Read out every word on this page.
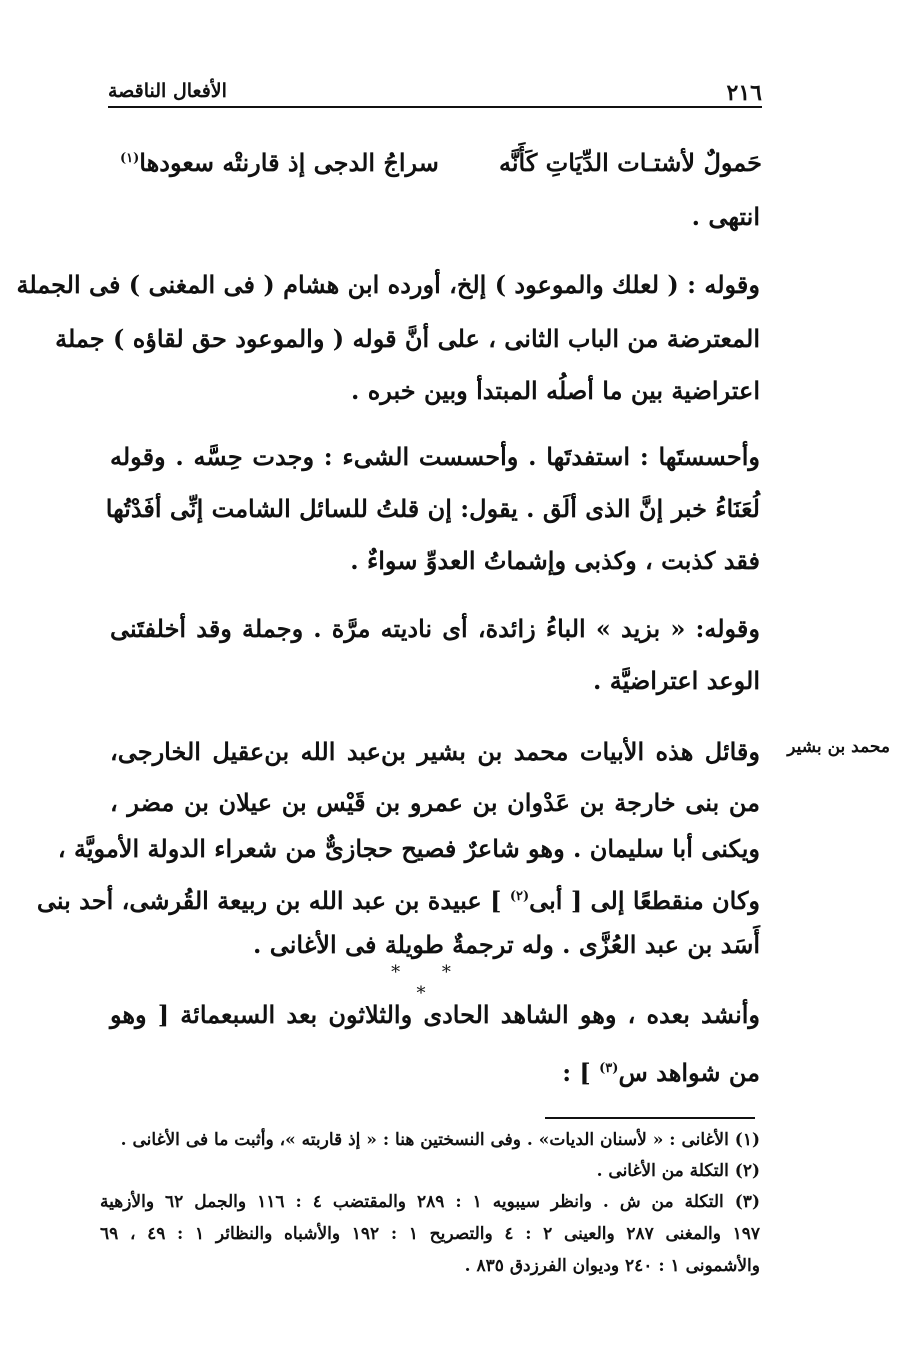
٢١٦
الأفعال الناقصة
حَمولٌ لأشتـات الدِّيَاتِ كَأَنَّه
سراجُ الدجى إذ قارنتْه سعودها$^{(١)}$
انتهى .
وقوله : ( لعلك والموعود ) إلخ، أورده ابن هشام ( فى المغنى ) فى الجملة
المعترضة من الباب الثانى ، على أنَّ قوله ( والموعود حق لقاؤه ) جملة
اعتراضية بين ما أصلُه المبتدأ وبين خبره .
وأحسستَها : استفدتَها . وأحسست الشىء : وجدت حِسَّه . وقوله
لُعَنَاءُ خبر إنَّ الذى ألَق . يقول: إن قلتُ للسائل الشامت إنِّى أفَدْتُها
فقد كذبت ، وكذبى وإشماتُ العدوِّ سواءٌ .
وقوله: « بزيد » الباءُ زائدة، أى ناديته مرَّة . وجملة وقد أخلفتَنى
الوعد اعتراضيَّة .
محمد بن بشير
وقائل هذه الأبيات محمد بن بشير بن‌عبد الله بن‌عقيل الخارجى،
من بنى خارجة بن عَدْوان بن عمرو بن قَيْس بن عيلان بن مضر ،
ويكنى أبا سليمان . وهو شاعرٌ فصيح حجازىٌّ من شعراء الدولة الأمويَّة ،
وكان منقطعًا إلى [ أبى$^{(٢)}$ ] عبيدة بن عبد الله بن ربيعة القُرشى، أحد بنى
أَسَد بن عبد العُزَّى . وله ترجمةٌ طويلة فى الأغانى .
* * *
وأنشد بعده ، وهو الشاهد الحادى والثلاثون بعد السبعمائة [ وهو
من شواهد س$^{(٣)}$ ] :
(١) الأغانى : « لأسنان الديات» . وفى النسختين هنا : « إذ قاربته »، وأثبت ما فى الأغانى .
(٢) التكلة من الأغانى .
(٣) التكلة من ش . وانظر سيبويه ١ : ٢٨٩ والمقتضب ٤ : ١١٦ والجمل ٦٢ والأزهية
١٩٧ والمغنى ٢٨٧ والعينى ٢ : ٤ والتصريح ١ : ١٩٢ والأشباه والنظائر ١ : ٤٩ ، ٦٩
والأشمونى ١ : ٢٤٠ وديوان الفرزدق ٨٣٥ .
